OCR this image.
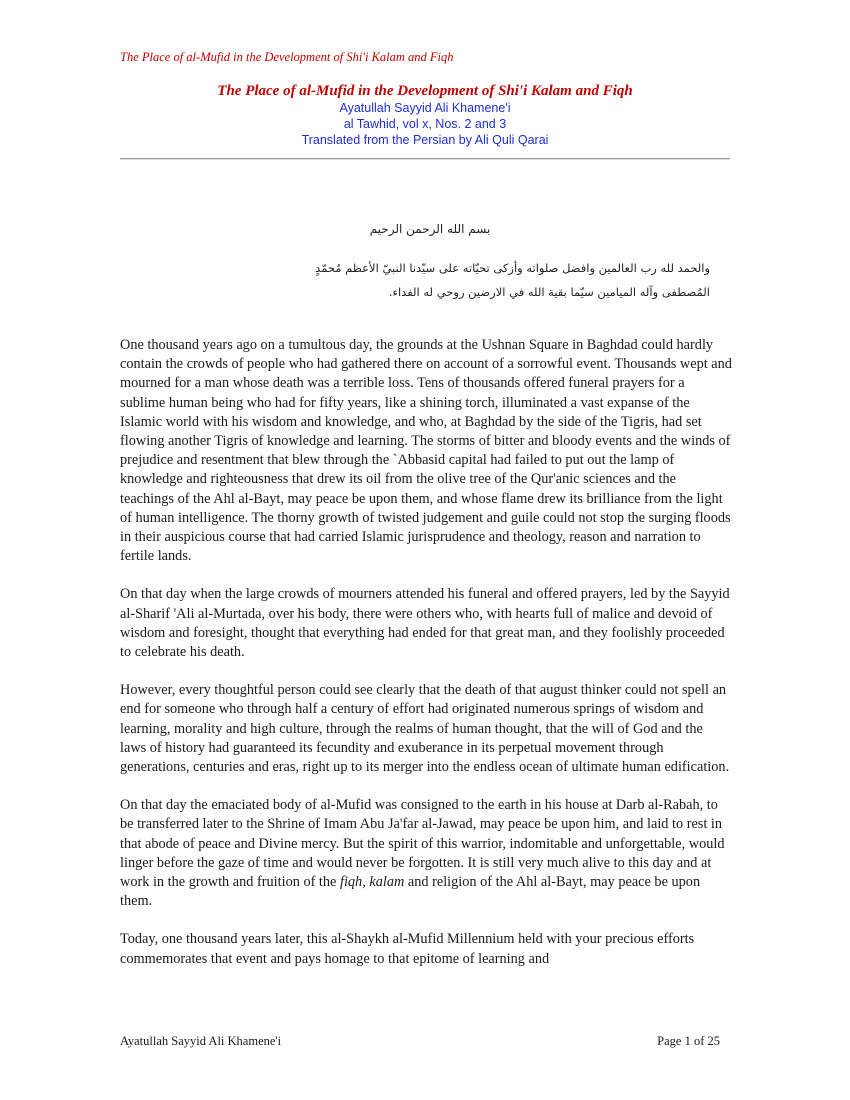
The Place of al-Mufid in the Development of Shi'i Kalam and Fiqh
The Place of al-Mufid in the Development of Shi'i Kalam and Fiqh
Ayatullah Sayyid Ali Khamene'i
al Tawhid, vol x, Nos. 2 and 3
Translated from the Persian by Ali Quli Qarai
بسم الله الرحمن الرحيم
والحمد لله رب العالمين وافضل صلواته وأزكى تحيّاته على سيّدنا النبيّ الأعظم مُحمّدٍ
المُصطفى وآله الميامين سيّما بقية الله في الارضين روحي له الفداء.

One thousand years ago on a tumultous day, the grounds at the Ushnan Square in Baghdad could hardly contain the crowds of people who had gathered there on account of a sorrowful event. Thousands wept and mourned for a man whose death was a terrible loss. Tens of thousands offered funeral prayers for a sublime human being who had for fifty years, like a shining torch, illuminated a vast expanse of the Islamic world with his wisdom and knowledge, and who, at Baghdad by the side of the Tigris, had set flowing another Tigris of knowledge and learning. The storms of bitter and bloody events and the winds of prejudice and resentment that blew through the `Abbasid capital had failed to put out the lamp of knowledge and righteousness that drew its oil from the olive tree of the Qur'anic sciences and the teachings of the Ahl al-Bayt, may peace be upon them, and whose flame drew its brilliance from the light of human intelligence. The thorny growth of twisted judgement and guile could not stop the surging floods in their auspicious course that had carried Islamic jurisprudence and theology, reason and narration to fertile lands.

On that day when the large crowds of mourners attended his funeral and offered prayers, led by the Sayyid al-Sharif 'Ali al-Murtada, over his body, there were others who, with hearts full of malice and devoid of wisdom and foresight, thought that everything had ended for that great man, and they foolishly proceeded to celebrate his death.

However, every thoughtful person could see clearly that the death of that august thinker could not spell an end for someone who through half a century of effort had originated numerous springs of wisdom and learning, morality and high culture, through the realms of human thought, that the will of God and the laws of history had guaranteed its fecundity and exuberance in its perpetual movement through generations, centuries and eras, right up to its merger into the endless ocean of ultimate human edification.

On that day the emaciated body of al-Mufid was consigned to the earth in his house at Darb al-Rabah, to be transferred later to the Shrine of Imam Abu Ja'far al-Jawad, may peace be upon him, and laid to rest in that abode of peace and Divine mercy. But the spirit of this warrior, indomitable and unforgettable, would linger before the gaze of time and would never be forgotten. It is still very much alive to this day and at work in the growth and fruition of the fiqh, kalam and religion of the Ahl al-Bayt, may peace be upon them.

Today, one thousand years later, this al-Shaykh al-Mufid Millennium held with your precious efforts commemorates that event and pays homage to that epitome of learning and

Ayatullah Sayyid Ali Khamene'i	Page 1 of 25
